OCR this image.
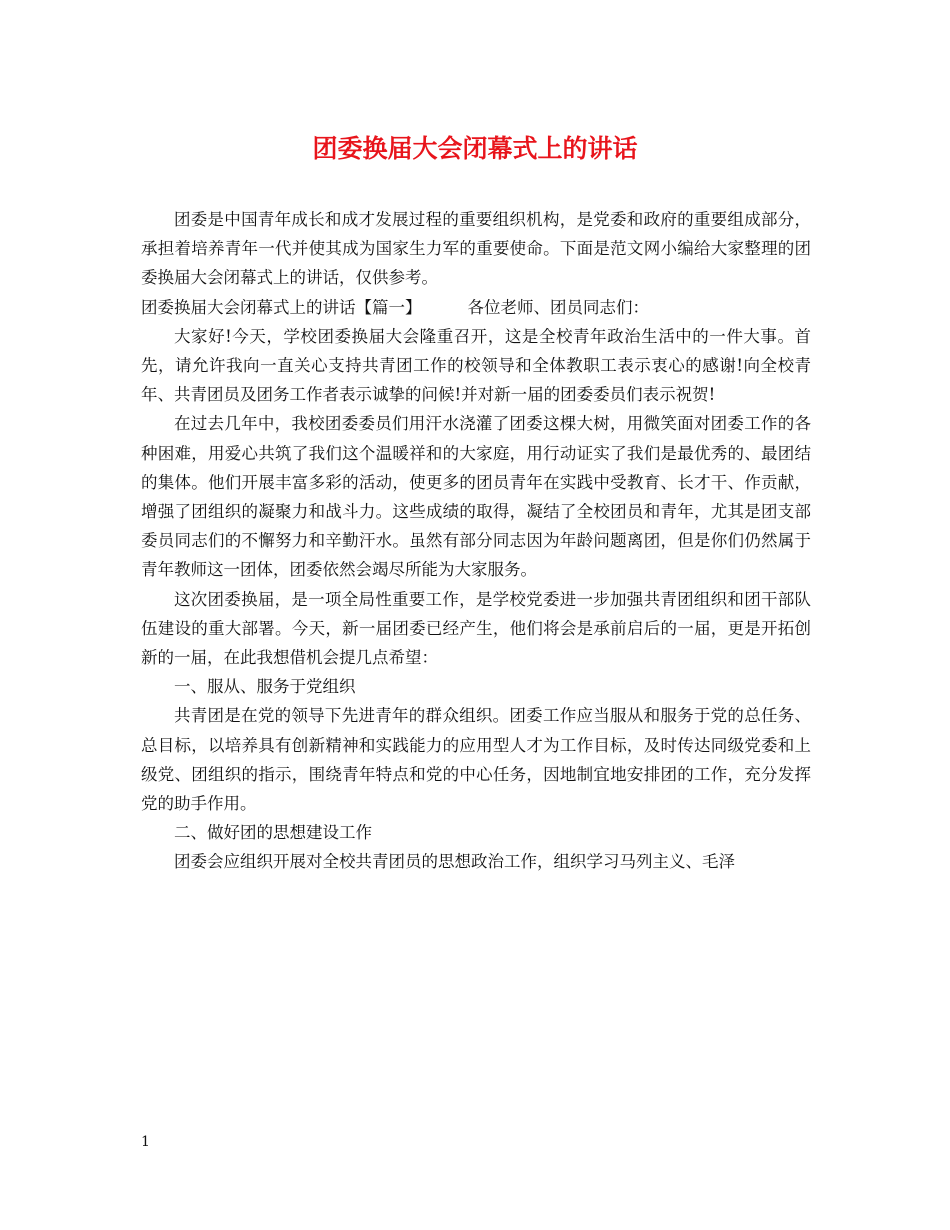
团委换届大会闭幕式上的讲话

团委是中国青年成长和成才发展过程的重要组织机构，是党委和政府的重要组成部分，承担着培养青年一代并使其成为国家生力军的重要使命。下面是范文网小编给大家整理的团委换届大会闭幕式上的讲话，仅供参考。

团委换届大会闭幕式上的讲话【篇一】	各位老师、团员同志们：

大家好!今天，学校团委换届大会隆重召开，这是全校青年政治生活中的一件大事。首先，请允许我向一直关心支持共青团工作的校领导和全体教职工表示衷心的感谢!向全校青年、共青团员及团务工作者表示诚挚的问候!并对新一届的团委委员们表示祝贺!

在过去几年中，我校团委委员们用汗水浇灌了团委这棵大树，用微笑面对团委工作的各种困难，用爱心共筑了我们这个温暖祥和的大家庭，用行动证实了我们是最优秀的、最团结的集体。他们开展丰富多彩的活动，使更多的团员青年在实践中受教育、长才干、作贡献，增强了团组织的凝聚力和战斗力。这些成绩的取得，凝结了全校团员和青年，尤其是团支部委员同志们的不懈努力和辛勤汗水。虽然有部分同志因为年龄问题离团，但是你们仍然属于青年教师这一团体，团委依然会竭尽所能为大家服务。

这次团委换届，是一项全局性重要工作，是学校党委进一步加强共青团组织和团干部队伍建设的重大部署。今天，新一届团委已经产生，他们将会是承前启后的一届，更是开拓创新的一届，在此我想借机会提几点希望：

一、服从、服务于党组织

共青团是在党的领导下先进青年的群众组织。团委工作应当服从和服务于党的总任务、总目标，以培养具有创新精神和实践能力的应用型人才为工作目标，及时传达同级党委和上级党、团组织的指示，围绕青年特点和党的中心任务，因地制宜地安排团的工作，充分发挥党的助手作用。

二、做好团的思想建设工作

团委会应组织开展对全校共青团员的思想政治工作，组织学习马列主义、毛泽

1
